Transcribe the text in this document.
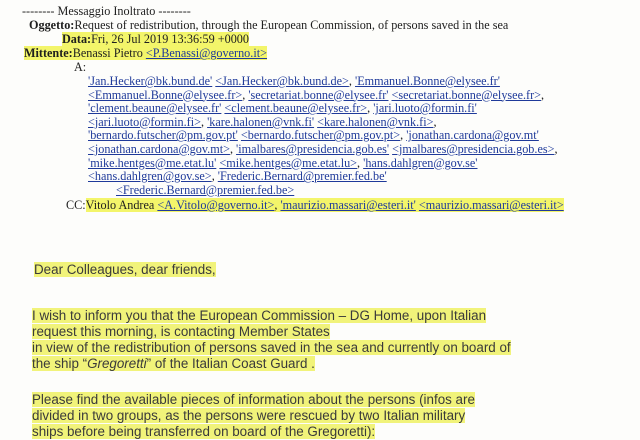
-------- Messaggio Inoltrato --------
Oggetto:Request of redistribution, through the European Commission, of persons saved in the sea
Data:Fri, 26 Jul 2019 13:36:59 +0000
Mittente:Benassi Pietro <P.Benassi@governo.it>
A:
'Jan.Hecker@bk.bund.de' <Jan.Hecker@bk.bund.de>, 'Emmanuel.Bonne@elysee.fr'
<Emmanuel.Bonne@elysee.fr>, 'secretariat.bonne@elysee.fr' <secretariat.bonne@elysee.fr>,
'clement.beaune@elysee.fr' <clement.beaune@elysee.fr>, 'jari.luoto@formin.fi'
<jari.luoto@formin.fi>, 'kare.halonen@vnk.fi' <kare.halonen@vnk.fi>,
'bernardo.futscher@pm.gov.pt' <bernardo.futscher@pm.gov.pt>, 'jonathan.cardona@gov.mt'
<jonathan.cardona@gov.mt>, 'imalbares@presidencia.gob.es' <jmalbares@presidencia.gob.es>,
'mike.hentges@me.etat.lu' <mike.hentges@me.etat.lu>, 'hans.dahlgren@gov.se'
<hans.dahlgren@gov.se>, 'Frederic.Bernard@premier.fed.be'
<Frederic.Bernard@premier.fed.be>
CC:Vitolo Andrea <A.Vitolo@governo.it>, 'maurizio.massari@esteri.it' <maurizio.massari@esteri.it>
Dear Colleagues, dear friends,
I wish to inform you that the European Commission – DG Home, upon Italian
request this morning, is contacting Member States
in view of the redistribution of persons saved in the sea and currently on board of
the ship “Gregoretti” of the Italian Coast Guard .
Please find the available pieces of information about the persons (infos are
divided in two groups, as the persons were rescued by two Italian military
ships before being transferred on board of the Gregoretti):
